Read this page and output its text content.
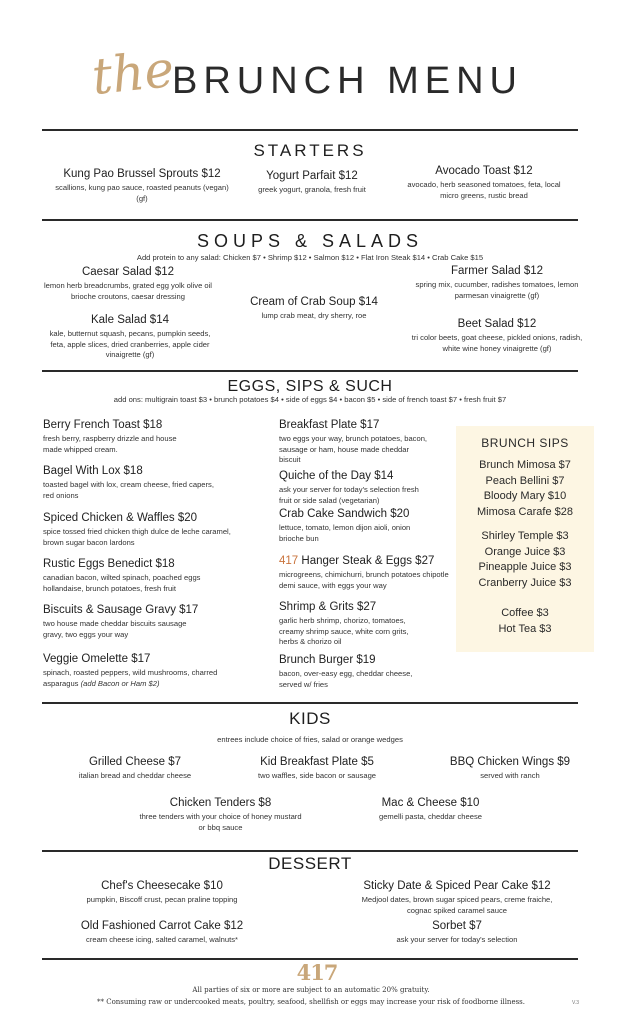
the
BRUNCH MENU
STARTERS
Kung Pao Brussel Sprouts $12
scallions, kung pao sauce, roasted peanuts (vegan) (gf)
Yogurt Parfait $12
greek yogurt, granola, fresh fruit
Avocado Toast $12
avocado, herb seasoned tomatoes, feta, local micro greens, rustic bread
SOUPS & SALADS
Add protein to any salad: Chicken $7 • Shrimp $12 • Salmon $12 • Flat Iron Steak $14 • Crab Cake $15
Caesar Salad $12
lemon herb breadcrumbs, grated egg yolk olive oil brioche croutons, caesar dressing
Kale Salad $14
kale, butternut squash, pecans, pumpkin seeds, feta, apple slices, dried cranberries, apple cider vinaigrette (gf)
Cream of Crab Soup $14
lump crab meat, dry sherry, roe
Farmer Salad $12
spring mix, cucumber, radishes tomatoes, lemon parmesan vinaigrette (gf)
Beet Salad $12
tri color beets, goat cheese, pickled onions, radish, white wine honey vinaigrette (gf)
EGGS, SIPS & SUCH
add ons: multigrain toast $3 • brunch potatoes $4 • side of eggs $4 • bacon $5 • side of french toast $7 • fresh fruit $7
Berry French Toast $18
fresh berry, raspberry drizzle and house made whipped cream.
Bagel With Lox $18
toasted bagel with lox, cream cheese, fried capers, red onions
Spiced Chicken & Waffles $20
spice tossed fried chicken thigh dulce de leche caramel, brown sugar bacon lardons
Rustic Eggs Benedict $18
canadian bacon, wilted spinach, poached eggs hollandaise, brunch potatoes, fresh fruit
Biscuits & Sausage Gravy $17
two house made cheddar biscuits sausage gravy, two eggs your way
Veggie Omelette $17
spinach, roasted peppers, wild mushrooms, charred asparagus (add Bacon or Ham $2)
Breakfast Plate $17
two eggs your way, brunch potatoes, bacon, sausage or ham, house made cheddar biscuit
Quiche of the Day $14
ask your server for today's selection fresh fruit or side salad (vegetarian)
Crab Cake Sandwich $20
lettuce, tomato, lemon dijon aioli, onion brioche bun
417 Hanger Steak & Eggs $27
microgreens, chimichurri, brunch potatoes chipotle demi sauce, with eggs your way
Shrimp & Grits $27
garlic herb shrimp, chorizo, tomatoes, creamy shrimp sauce, white corn grits, herbs & chorizo oil
Brunch Burger $19
bacon, over-easy egg, cheddar cheese, served w/ fries
BRUNCH SIPS
Brunch Mimosa $7
Peach Bellini $7
Bloody Mary $10
Mimosa Carafe $28
Shirley Temple $3
Orange Juice $3
Pineapple Juice $3
Cranberry Juice $3
Coffee $3
Hot Tea $3
KIDS
entrees include choice of fries, salad or orange wedges
Grilled Cheese $7
italian bread and cheddar cheese
Kid Breakfast Plate $5
two waffles, side bacon or sausage
BBQ Chicken Wings $9
served with ranch
Chicken Tenders $8
three tenders with your choice of honey mustard or bbq sauce
Mac & Cheese $10
gemelli pasta, cheddar cheese
DESSERT
Chef's Cheesecake $10
pumpkin, Biscoff crust, pecan praline topping
Old Fashioned Carrot Cake $12
cream cheese icing, salted caramel, walnuts*
Sticky Date & Spiced Pear Cake $12
Medjool dates, brown sugar spiced pears, creme fraiche, cognac spiked caramel sauce
Sorbet $7
ask your server for today's selection
417
All parties of six or more are subject to an automatic 20% gratuity.
** Consuming raw or undercooked meats, poultry, seafood, shellfish or eggs may increase your risk of foodborne illness.	V.3
